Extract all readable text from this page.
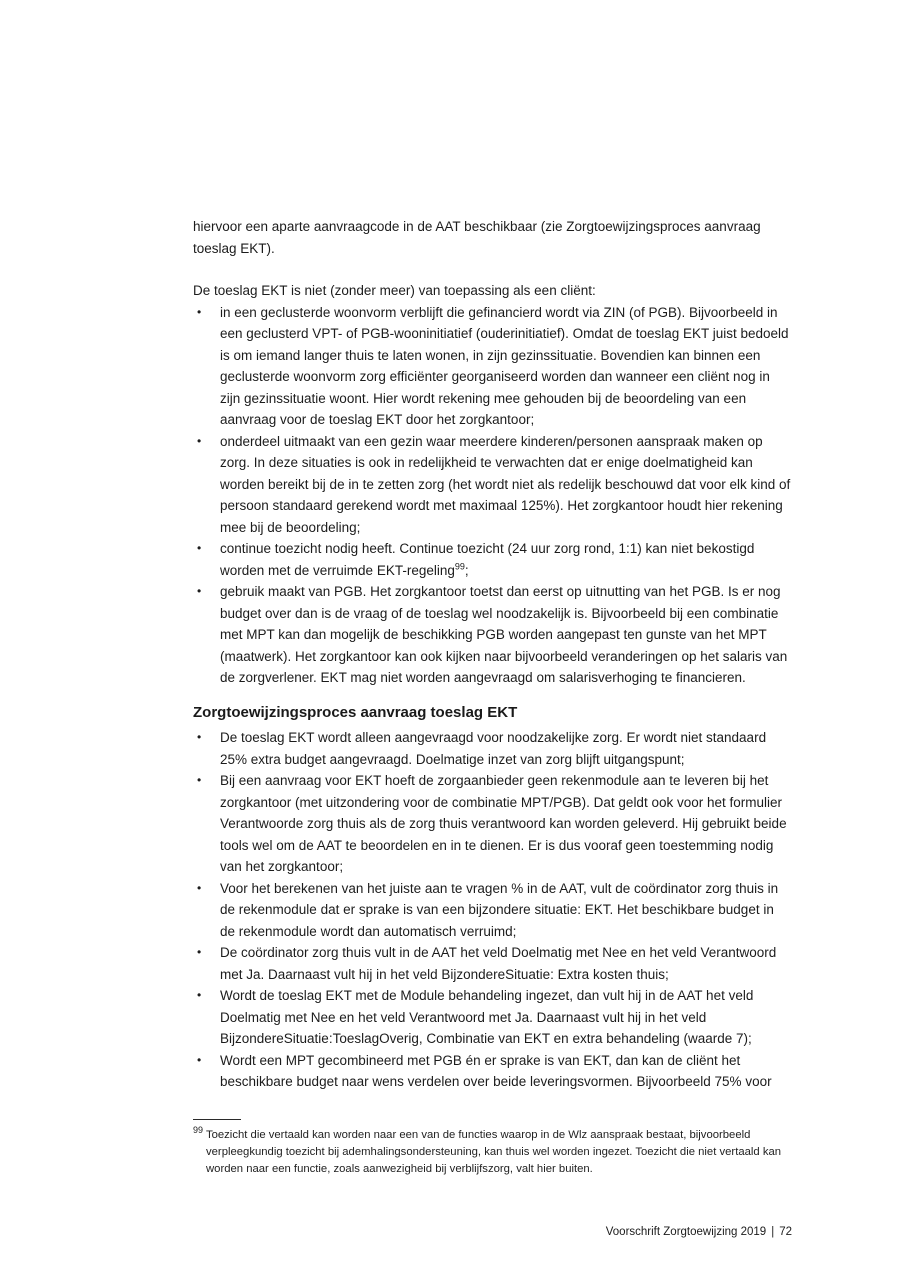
hiervoor een aparte aanvraagcode in de AAT beschikbaar (zie Zorgtoewijzingsproces aanvraag toeslag EKT).

De toeslag EKT is niet (zonder meer) van toepassing als een cliënt:

•	in een geclusterde woonvorm verblijft die gefinancierd wordt via ZIN (of PGB). Bijvoorbeeld in een geclusterd VPT- of PGB-wooninitiatief (ouderinitiatief). Omdat de toeslag EKT juist bedoeld is om iemand langer thuis te laten wonen, in zijn gezinssituatie. Bovendien kan binnen een geclusterde woonvorm zorg efficiënter georganiseerd worden dan wanneer een cliënt nog in zijn gezinssituatie woont. Hier wordt rekening mee gehouden bij de beoordeling van een aanvraag voor de toeslag EKT door het zorgkantoor;
•	onderdeel uitmaakt van een gezin waar meerdere kinderen/personen aanspraak maken op zorg. In deze situaties is ook in redelijkheid te verwachten dat er enige doelmatigheid kan worden bereikt bij de in te zetten zorg (het wordt niet als redelijk beschouwd dat voor elk kind of persoon standaard gerekend wordt met maximaal 125%). Het zorgkantoor houdt hier rekening mee bij de beoordeling;
•	continue toezicht nodig heeft. Continue toezicht (24 uur zorg rond, 1:1) kan niet bekostigd worden met de verruimde EKT-regeling$^{99}$;
•	gebruik maakt van PGB. Het zorgkantoor toetst dan eerst op uitnutting van het PGB. Is er nog budget over dan is de vraag of de toeslag wel noodzakelijk is. Bijvoorbeeld bij een combinatie met MPT kan dan mogelijk de beschikking PGB worden aangepast ten gunste van het MPT (maatwerk). Het zorgkantoor kan ook kijken naar bijvoorbeeld veranderingen op het salaris van de zorgverlener. EKT mag niet worden aangevraagd om salarisverhoging te financieren.
Zorgtoewijzingsproces aanvraag toeslag EKT
•	De toeslag EKT wordt alleen aangevraagd voor noodzakelijke zorg. Er wordt niet standaard 25% extra budget aangevraagd. Doelmatige inzet van zorg blijft uitgangspunt;
•	Bij een aanvraag voor EKT hoeft de zorgaanbieder geen rekenmodule aan te leveren bij het zorgkantoor (met uitzondering voor de combinatie MPT/PGB). Dat geldt ook voor het formulier Verantwoorde zorg thuis als de zorg thuis verantwoord kan worden geleverd. Hij gebruikt beide tools wel om de AAT te beoordelen en in te dienen. Er is dus vooraf geen toestemming nodig van het zorgkantoor;
•	Voor het berekenen van het juiste aan te vragen % in de AAT, vult de coördinator zorg thuis in de rekenmodule dat er sprake is van een bijzondere situatie: EKT. Het beschikbare budget in de rekenmodule wordt dan automatisch verruimd;
•	De coördinator zorg thuis vult in de AAT het veld Doelmatig met Nee en het veld Verantwoord met Ja. Daarnaast vult hij in het veld BijzondereSituatie: Extra kosten thuis;
•	Wordt de toeslag EKT met de Module behandeling ingezet, dan vult hij in de AAT het veld Doelmatig met Nee en het veld Verantwoord met Ja. Daarnaast vult hij in het veld BijzondereSituatie:ToeslagOverig, Combinatie van EKT en extra behandeling (waarde 7);
•	Wordt een MPT gecombineerd met PGB én er sprake is van EKT, dan kan de cliënt het beschikbare budget naar wens verdelen over beide leveringsvormen. Bijvoorbeeld 75% voor

$^{99}$ Toezicht die vertaald kan worden naar een van de functies waarop in de Wlz aanspraak bestaat, bijvoorbeeld verpleegkundig toezicht bij ademhalingsondersteuning, kan thuis wel worden ingezet. Toezicht die niet vertaald kan worden naar een functie, zoals aanwezigheid bij verblijfszorg, valt hier buiten.

Voorschrift Zorgtoewijzing 2019 | 72
